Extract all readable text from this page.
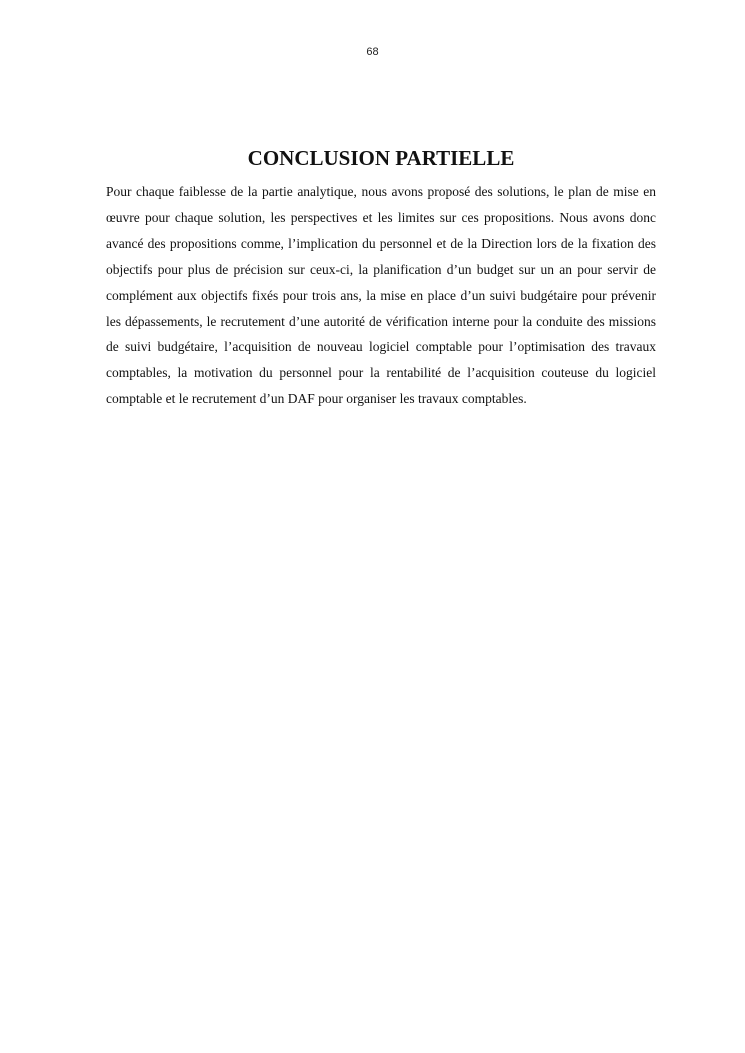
68
CONCLUSION PARTIELLE

Pour chaque faiblesse de la partie analytique, nous avons proposé des solutions, le plan de mise en œuvre pour chaque solution, les perspectives et les limites sur ces propositions. Nous avons donc avancé des propositions comme, l’implication du personnel et de la Direction lors de la fixation des objectifs pour plus de précision sur ceux-ci, la planification d’un budget sur un an pour servir de complément aux objectifs fixés pour trois ans, la mise en place d’un suivi budgétaire pour prévenir les dépassements, le recrutement d’une autorité de vérification interne pour la conduite des missions de suivi budgétaire, l’acquisition de nouveau logiciel comptable pour l’optimisation des travaux comptables, la motivation du personnel pour la rentabilité de l’acquisition couteuse du logiciel comptable et le recrutement d’un DAF pour organiser les travaux comptables.
